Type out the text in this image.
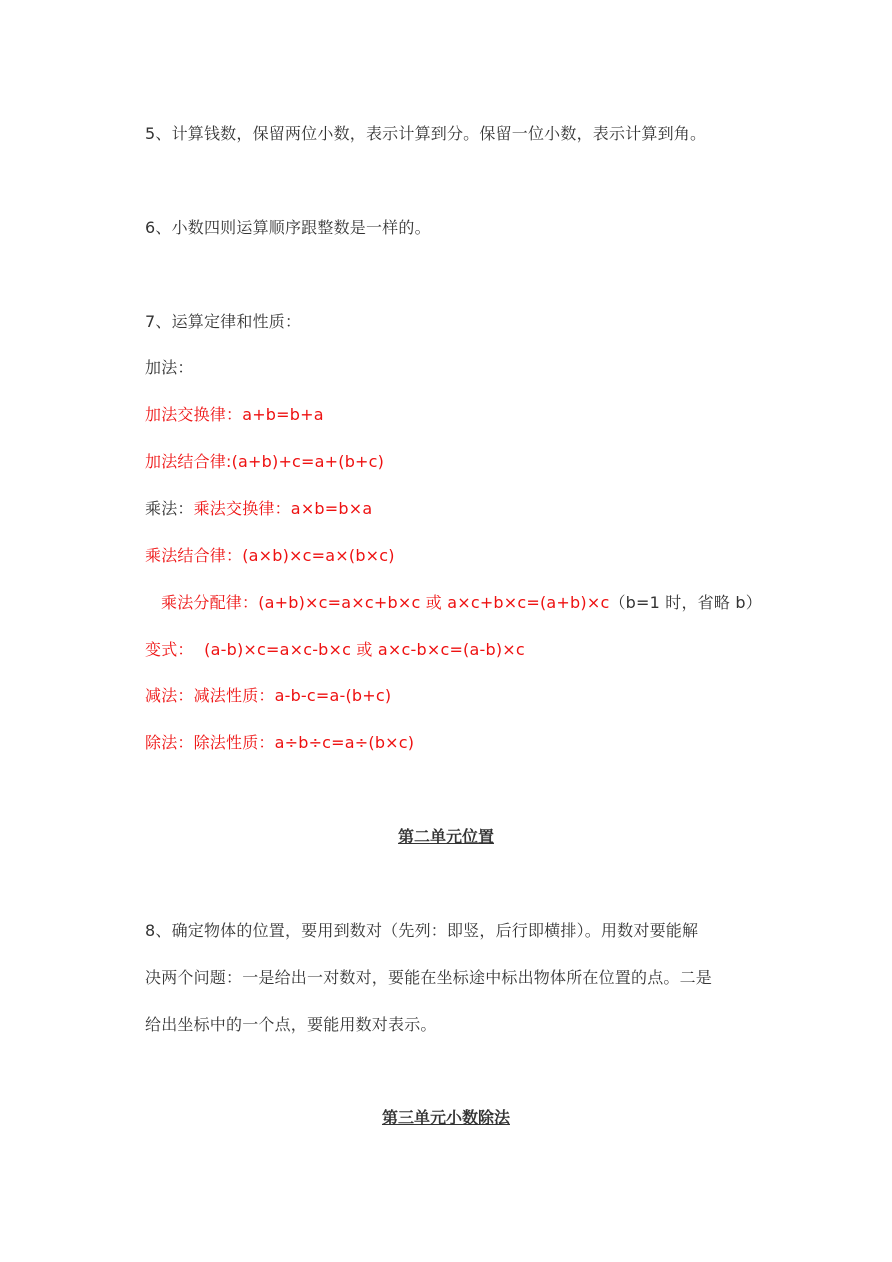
5、计算钱数，保留两位小数，表示计算到分。保留一位小数，表示计算到角。
6、小数四则运算顺序跟整数是一样的。
7、运算定律和性质：
加法：
加法交换律：a+b=b+a
加法结合律:(a+b)+c=a+(b+c)
乘法：乘法交换律：a×b=b×a
乘法结合律：(a×b)×c=a×(b×c)
乘法分配律：(a+b)×c=a×c+b×c 或 a×c+b×c=(a+b)×c（b=1 时，省略 b）
变式：  (a-b)×c=a×c-b×c 或 a×c-b×c=(a-b)×c
减法：减法性质：a-b-c=a-(b+c)
除法：除法性质：a÷b÷c=a÷(b×c)
第二单元位置
8、确定物体的位置，要用到数对（先列：即竖，后行即横排）。用数对要能解
决两个问题：一是给出一对数对，要能在坐标途中标出物体所在位置的点。二是
给出坐标中的一个点，要能用数对表示。
第三单元小数除法
